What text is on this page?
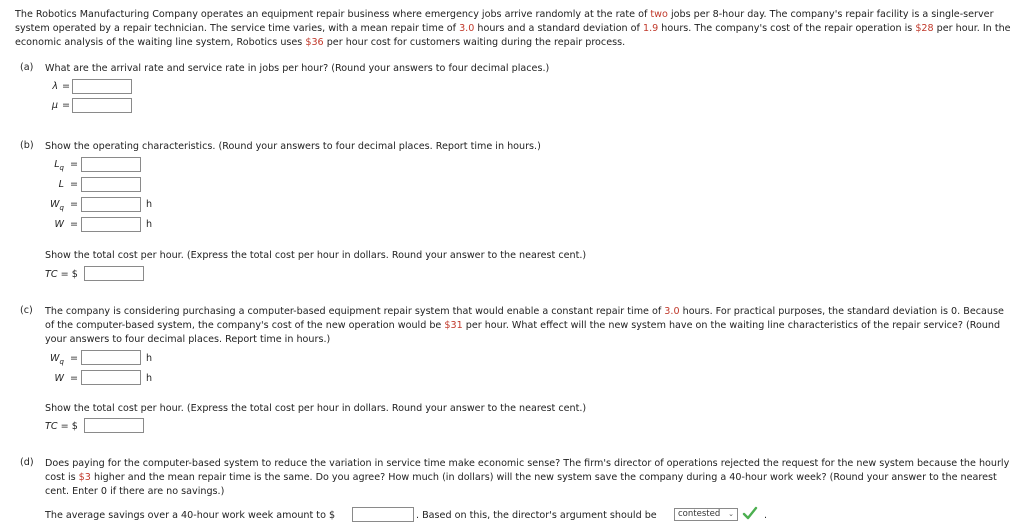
The Robotics Manufacturing Company operates an equipment repair business where emergency jobs arrive randomly at the rate of two jobs per 8-hour day. The company's repair facility is a single-server system operated by a repair technician. The service time varies, with a mean repair time of 3.0 hours and a standard deviation of 1.9 hours. The company's cost of the repair operation is $28 per hour. In the economic analysis of the waiting line system, Robotics uses $36 per hour cost for customers waiting during the repair process.
(a) What are the arrival rate and service rate in jobs per hour? (Round your answers to four decimal places.)
λ =
μ =
(b) Show the operating characteristics. (Round your answers to four decimal places. Report time in hours.)
$L_q$ =
L =
$W_q$ =	h
W =	h
Show the total cost per hour. (Express the total cost per hour in dollars. Round your answer to the nearest cent.)
TC = $
(c) The company is considering purchasing a computer-based equipment repair system that would enable a constant repair time of 3.0 hours. For practical purposes, the standard deviation is 0. Because of the computer-based system, the company's cost of the new operation would be $31 per hour. What effect will the new system have on the waiting line characteristics of the repair service? (Round your answers to four decimal places. Report time in hours.)
$W_q$ =	h
W =	h
Show the total cost per hour. (Express the total cost per hour in dollars. Round your answer to the nearest cent.)
TC = $
(d) Does paying for the computer-based system to reduce the variation in service time make economic sense? The firm's director of operations rejected the request for the new system because the hourly cost is $3 higher and the mean repair time is the same. Do you agree? How much (in dollars) will the new system save the company during a 40-hour work week? (Round your answer to the nearest cent. Enter 0 if there are no savings.)
The average savings over a 40-hour work week amount to $	. Based on this, the director's argument should be	contested ⌄	.
